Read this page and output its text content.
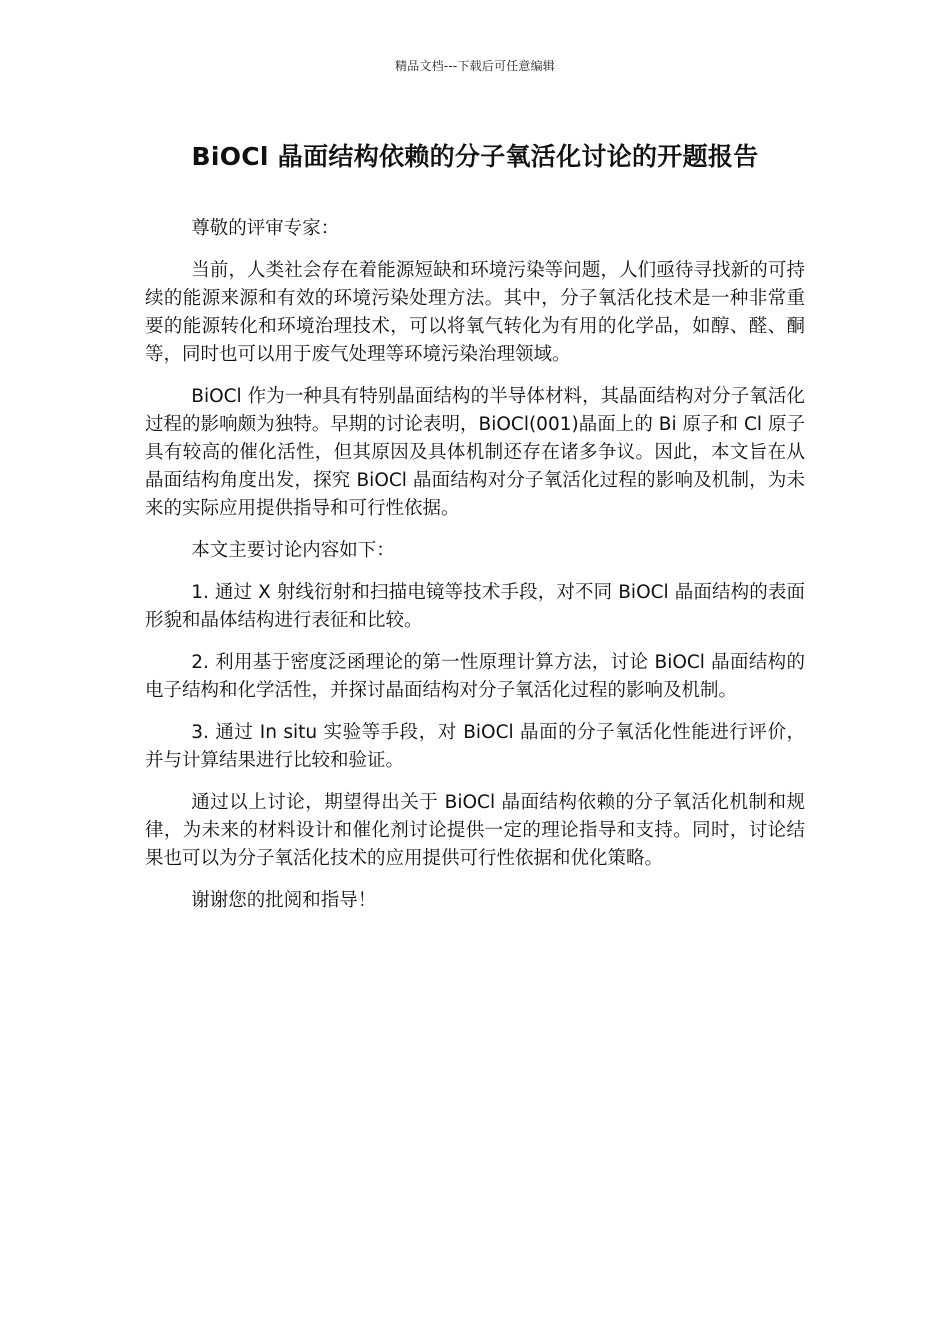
精品文档---下载后可任意编辑
BiOCl 晶面结构依赖的分子氧活化讨论的开题报告

尊敬的评审专家：

当前，人类社会存在着能源短缺和环境污染等问题，人们亟待寻找新的可持续的能源来源和有效的环境污染处理方法。其中，分子氧活化技术是一种非常重要的能源转化和环境治理技术，可以将氧气转化为有用的化学品，如醇、醛、酮等，同时也可以用于废气处理等环境污染治理领域。

BiOCl 作为一种具有特别晶面结构的半导体材料，其晶面结构对分子氧活化过程的影响颇为独特。早期的讨论表明，BiOCl(001)晶面上的 Bi 原子和 Cl 原子具有较高的催化活性，但其原因及具体机制还存在诸多争议。因此，本文旨在从晶面结构角度出发，探究 BiOCl 晶面结构对分子氧活化过程的影响及机制，为未来的实际应用提供指导和可行性依据。

本文主要讨论内容如下：

1. 通过 X 射线衍射和扫描电镜等技术手段，对不同 BiOCl 晶面结构的表面形貌和晶体结构进行表征和比较。

2. 利用基于密度泛函理论的第一性原理计算方法，讨论 BiOCl 晶面结构的电子结构和化学活性，并探讨晶面结构对分子氧活化过程的影响及机制。

3. 通过 In situ 实验等手段，对 BiOCl 晶面的分子氧活化性能进行评价，并与计算结果进行比较和验证。

通过以上讨论，期望得出关于 BiOCl 晶面结构依赖的分子氧活化机制和规律，为未来的材料设计和催化剂讨论提供一定的理论指导和支持。同时，讨论结果也可以为分子氧活化技术的应用提供可行性依据和优化策略。

谢谢您的批阅和指导！
